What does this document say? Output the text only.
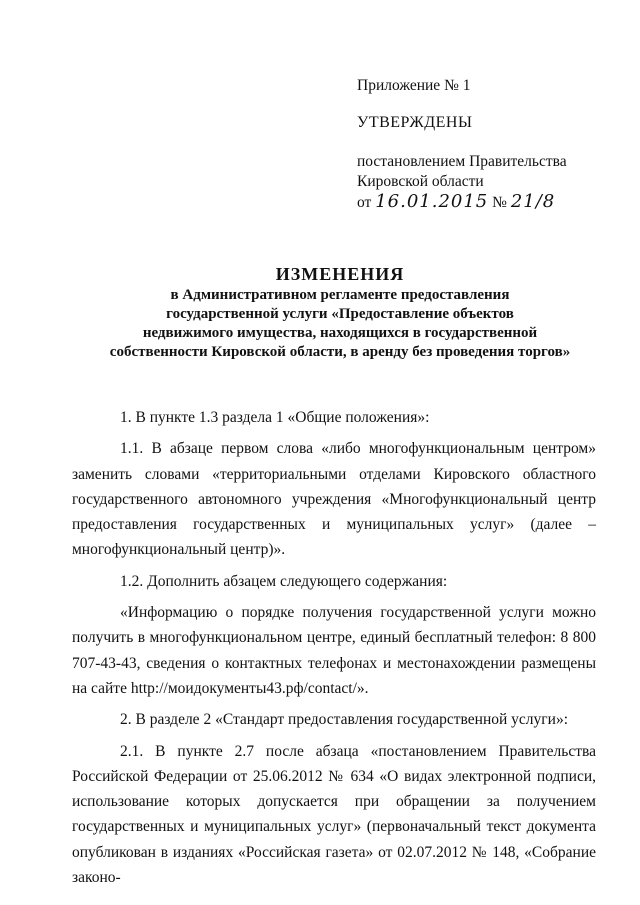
Приложение № 1
УТВЕРЖДЕНЫ
постановлением Правительства
Кировской области
от 16.01.2015 № 21/8
ИЗМЕНЕНИЯ
в Административном регламенте предоставления
государственной услуги «Предоставление объектов
недвижимого имущества, находящихся в государственной
собственности Кировской области, в аренду без проведения торгов»

1. В пункте 1.3 раздела 1 «Общие положения»:

1.1. В абзаце первом слова «либо многофункциональным центром» заменить словами «территориальными отделами Кировского областного государственного автономного учреждения «Многофункциональный центр предоставления государственных и муниципальных услуг» (далее – многофункциональный центр)».

1.2. Дополнить абзацем следующего содержания:

«Информацию о порядке получения государственной услуги можно получить в многофункциональном центре, единый бесплатный телефон: 8 800 707-43-43, сведения о контактных телефонах и местонахождении размещены на сайте http://моидокументы43.рф/contact/».

2. В разделе 2 «Стандарт предоставления государственной услуги»:

2.1. В пункте 2.7 после абзаца «постановлением Правительства Российской Федерации от 25.06.2012 № 634 «О видах электронной подписи, использование которых допускается при обращении за получением государственных и муниципальных услуг» (первоначальный текст документа опубликован в изданиях «Российская газета» от 02.07.2012 № 148, «Собрание законо-
